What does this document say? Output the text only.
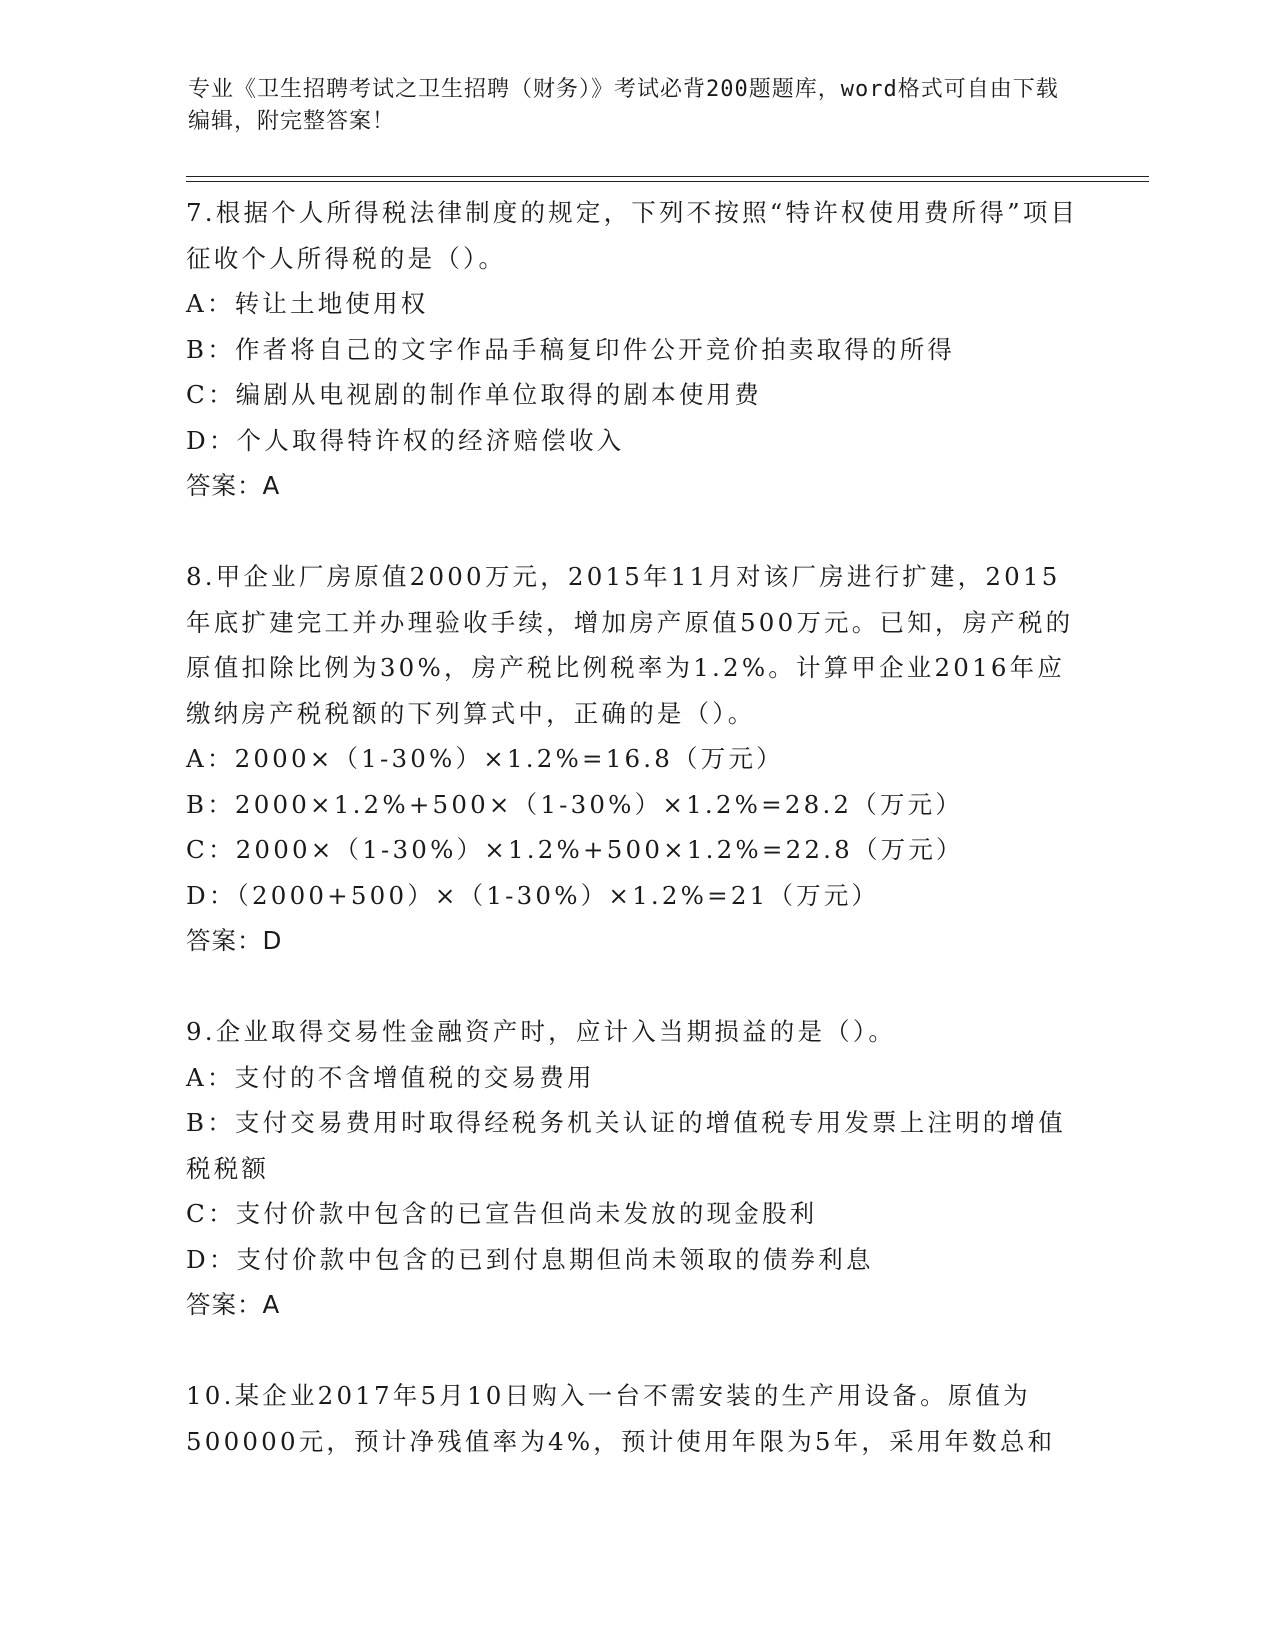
专业《卫生招聘考试之卫生招聘（财务）》考试必背200题题库，word格式可自由下载编辑，附完整答案！

7.根据个人所得税法律制度的规定，下列不按照“特许权使用费所得”项目征收个人所得税的是（）。

A：转让土地使用权

B：作者将自己的文字作品手稿复印件公开竞价拍卖取得的所得

C：编剧从电视剧的制作单位取得的剧本使用费

D：个人取得特许权的经济赔偿收入

答案：A

8.甲企业厂房原值2000万元，2015年11月对该厂房进行扩建，2015年底扩建完工并办理验收手续，增加房产原值500万元。已知，房产税的原值扣除比例为30%，房产税比例税率为1.2%。计算甲企业2016年应缴纳房产税税额的下列算式中，正确的是（）。

A：2000×（1-30%）×1.2%=16.8（万元）

B：2000×1.2%+500×（1-30%）×1.2%=28.2（万元）

C：2000×（1-30%）×1.2%+500×1.2%=22.8（万元）

D：（2000+500）×（1-30%）×1.2%=21（万元）

答案：D

9.企业取得交易性金融资产时，应计入当期损益的是（）。

A：支付的不含增值税的交易费用

B：支付交易费用时取得经税务机关认证的增值税专用发票上注明的增值税税额

C：支付价款中包含的已宣告但尚未发放的现金股利

D：支付价款中包含的已到付息期但尚未领取的债券利息

答案：A

10.某企业2017年5月10日购入一台不需安装的生产用设备。原值为500000元，预计净残值率为4%，预计使用年限为5年，采用年数总和
